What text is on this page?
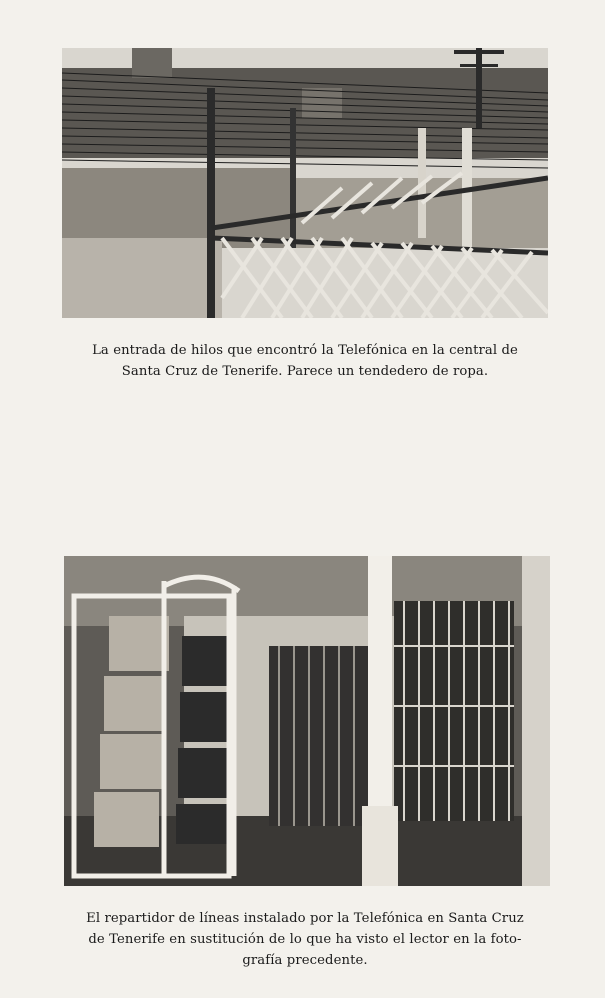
La entrada de hilos que encontró la Telefónica en la central de
Santa Cruz de Tenerife. Parece un tendedero de ropa.
El repartidor de líneas instalado por la Telefónica en Santa Cruz
de Tenerife en sustitución de lo que ha visto el lector en la foto-
grafía precedente.
